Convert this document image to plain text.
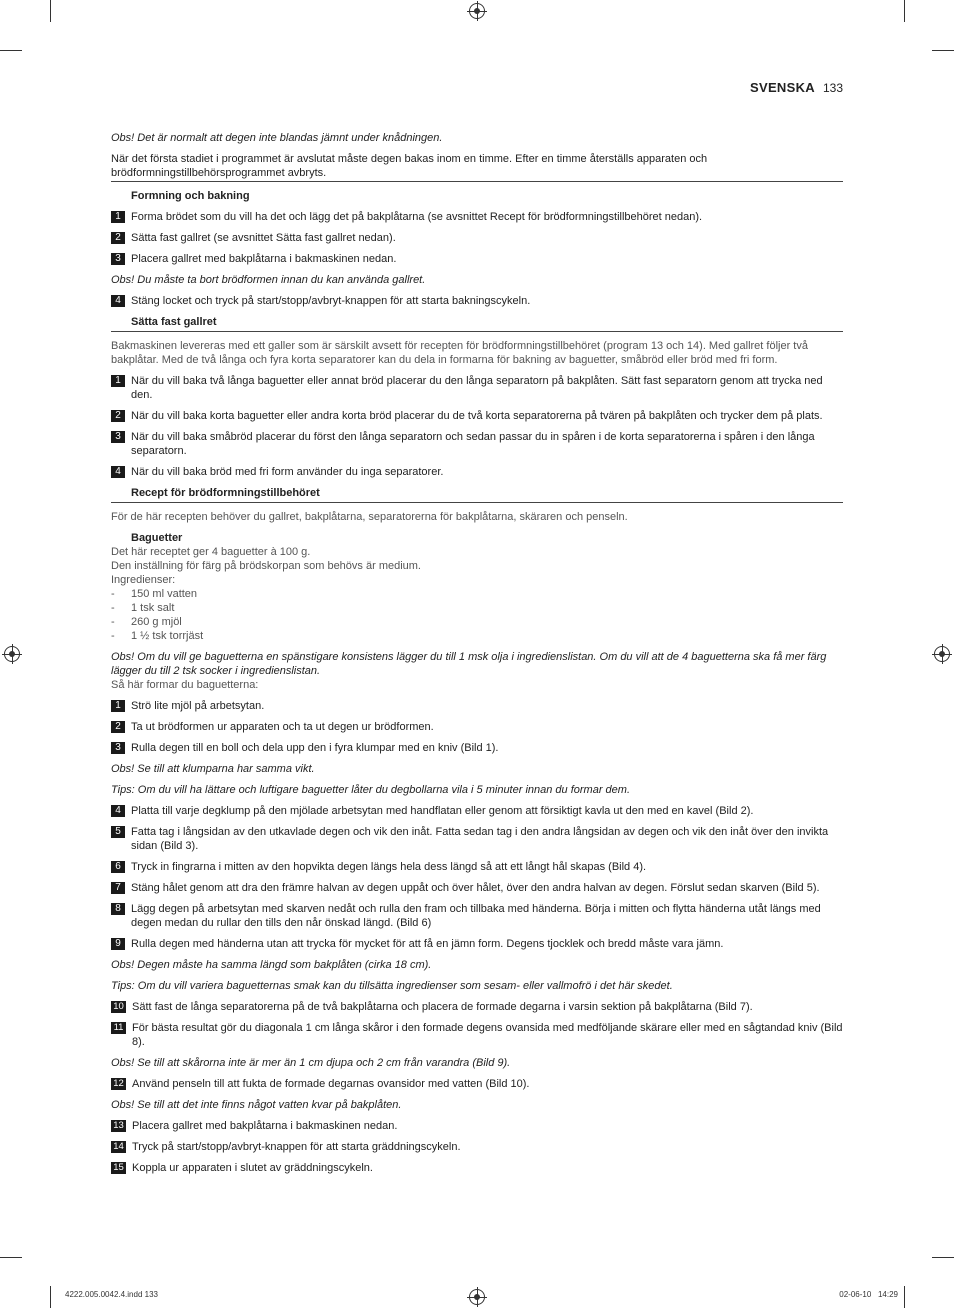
SVENSKA 133

Obs! Det är normalt att degen inte blandas jämnt under knådningen.

När det första stadiet i programmet är avslutat måste degen bakas inom en timme. Efter en timme återställs apparaten och brödformningstillbehörsprogrammet avbryts.

Formning och bakning

1 Forma brödet som du vill ha det och lägg det på bakplåtarna (se avsnittet Recept för brödformningstillbehöret nedan).
2 Sätta fast gallret (se avsnittet Sätta fast gallret nedan).
3 Placera gallret med bakplåtarna i bakmaskinen nedan.

Obs! Du måste ta bort brödformen innan du kan använda gallret.

4 Stäng locket och tryck på start/stopp/avbryt-knappen för att starta bakningscykeln.

Sätta fast gallret

Bakmaskinen levereras med ett galler som är särskilt avsett för recepten för brödformningstillbehöret (program 13 och 14). Med gallret följer två bakplåtar. Med de två långa och fyra korta separatorer kan du dela in formarna för bakning av baguetter, småbröd eller bröd med fri form.

1 När du vill baka två långa baguetter eller annat bröd placerar du den långa separatorn på bakplåten. Sätt fast separatorn genom att trycka ned den.
2 När du vill baka korta baguetter eller andra korta bröd placerar du de två korta separatorerna på tvären på bakplåten och trycker dem på plats.
3 När du vill baka småbröd placerar du först den långa separatorn och sedan passar du in spåren i de korta separatorerna i spåren i den långa separatorn.
4 När du vill baka bröd med fri form använder du inga separatorer.

Recept för brödformningstillbehöret

För de här recepten behöver du gallret, bakplåtarna, separatorerna för bakplåtarna, skäraren och penseln.

Baguetter
Det här receptet ger 4 baguetter à 100 g.
Den inställning för färg på brödskorpan som behövs är medium.
Ingredienser:
-	150 ml vatten
-	1 tsk salt
-	260 g mjöl
-	1 ½ tsk torrjäst

Obs! Om du vill ge baguetterna en spänstigare konsistens lägger du till 1 msk olja i ingredienslistan. Om du vill att de 4 baguetterna ska få mer färg lägger du till 2 tsk socker i ingredienslistan.

Så här formar du baguetterna:

1 Strö lite mjöl på arbetsytan.
2 Ta ut brödformen ur apparaten och ta ut degen ur brödformen.
3 Rulla degen till en boll och dela upp den i fyra klumpar med en kniv (Bild 1).

Obs! Se till att klumparna har samma vikt.

Tips: Om du vill ha lättare och luftigare baguetter låter du degbollarna vila i 5 minuter innan du formar dem.

4 Platta till varje degklump på den mjölade arbetsytan med handflatan eller genom att försiktigt kavla ut den med en kavel (Bild 2).
5 Fatta tag i långsidan av den utkavlade degen och vik den inåt. Fatta sedan tag i den andra långsidan av degen och vik den inåt över den invikta sidan (Bild 3).
6 Tryck in fingrarna i mitten av den hopvikta degen längs hela dess längd så att ett långt hål skapas (Bild 4).
7 Stäng hålet genom att dra den främre halvan av degen uppåt och över hålet, över den andra halvan av degen. Förslut sedan skarven (Bild 5).
8 Lägg degen på arbetsytan med skarven nedåt och rulla den fram och tillbaka med händerna. Börja i mitten och flytta händerna utåt längs med degen medan du rullar den tills den når önskad längd. (Bild 6)
9 Rulla degen med händerna utan att trycka för mycket för att få en jämn form. Degens tjocklek och bredd måste vara jämn.

Obs! Degen måste ha samma längd som bakplåten (cirka 18 cm).

Tips: Om du vill variera baguetternas smak kan du tillsätta ingredienser som sesam- eller vallmofrö i det här skedet.

10 Sätt fast de långa separatorerna på de två bakplåtarna och placera de formade degarna i varsin sektion på bakplåtarna (Bild 7).
11 För bästa resultat gör du diagonala 1 cm långa skåror i den formade degens ovansida med medföljande skärare eller med en sågtandad kniv (Bild 8).

Obs! Se till att skårorna inte är mer än 1 cm djupa och 2 cm från varandra (Bild 9).

12 Använd penseln till att fukta de formade degarnas ovansidor med vatten (Bild 10).

Obs! Se till att det inte finns något vatten kvar på bakplåten.

13 Placera gallret med bakplåtarna i bakmaskinen nedan.
14 Tryck på start/stopp/avbryt-knappen för att starta gräddningscykeln.
15 Koppla ur apparaten i slutet av gräddningscykeln.
4222.005.0042.4.indd 133	02-06-10 14:29
